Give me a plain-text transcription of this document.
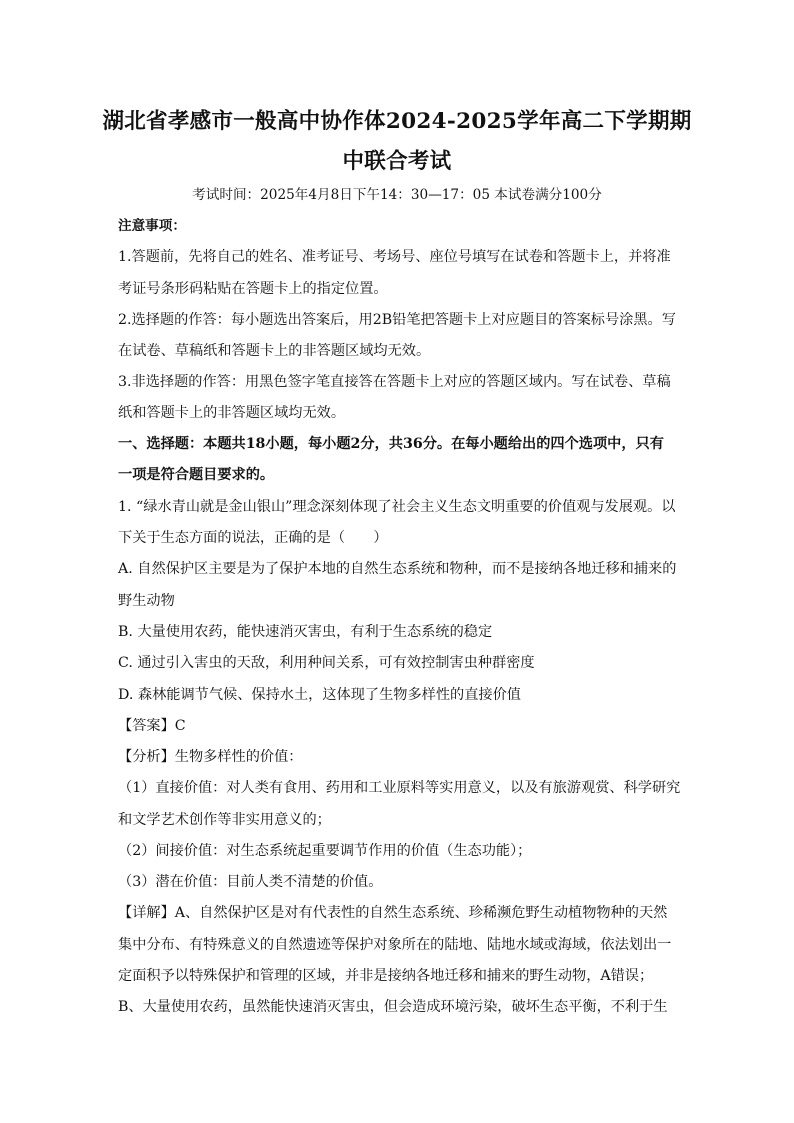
湖北省孝感市一般高中协作体2024-2025学年高二下学期期
中联合考试
考试时间：2025年4月8日下午14：30—17：05 本试卷满分100分
注意事项：
1.答题前，先将自己的姓名、准考证号、考场号、座位号填写在试卷和答题卡上，并将准
考证号条形码粘贴在答题卡上的指定位置。
2.选择题的作答：每小题选出答案后，用2B铅笔把答题卡上对应题目的答案标号涂黑。写
在试卷、草稿纸和答题卡上的非答题区域均无效。
3.非选择题的作答：用黑色签字笔直接答在答题卡上对应的答题区域内。写在试卷、草稿
纸和答题卡上的非答题区域均无效。
一、选择题：本题共18小题，每小题2分，共36分。在每小题给出的四个选项中，只有
一项是符合题目要求的。
1. “绿水青山就是金山银山”理念深刻体现了社会主义生态文明重要的价值观与发展观。以
下关于生态方面的说法，正确的是（　　）
A. 自然保护区主要是为了保护本地的自然生态系统和物种，而不是接纳各地迁移和捕来的
野生动物
B. 大量使用农药，能快速消灭害虫，有利于生态系统的稳定
C. 通过引入害虫的天敌，利用种间关系，可有效控制害虫种群密度
D. 森林能调节气候、保持水土，这体现了生物多样性的直接价值
【答案】C
【分析】生物多样性的价值：
（1）直接价值：对人类有食用、药用和工业原料等实用意义，以及有旅游观赏、科学研究
和文学艺术创作等非实用意义的；
（2）间接价值：对生态系统起重要调节作用的价值（生态功能）；
（3）潜在价值：目前人类不清楚的价值。
【详解】A、自然保护区是对有代表性的自然生态系统、珍稀濒危野生动植物物种的天然
集中分布、有特殊意义的自然遗迹等保护对象所在的陆地、陆地水域或海域，依法划出一
定面积予以特殊保护和管理的区域，并非是接纳各地迁移和捕来的野生动物，A错误；
B、大量使用农药，虽然能快速消灭害虫，但会造成环境污染，破坏生态平衡，不利于生
